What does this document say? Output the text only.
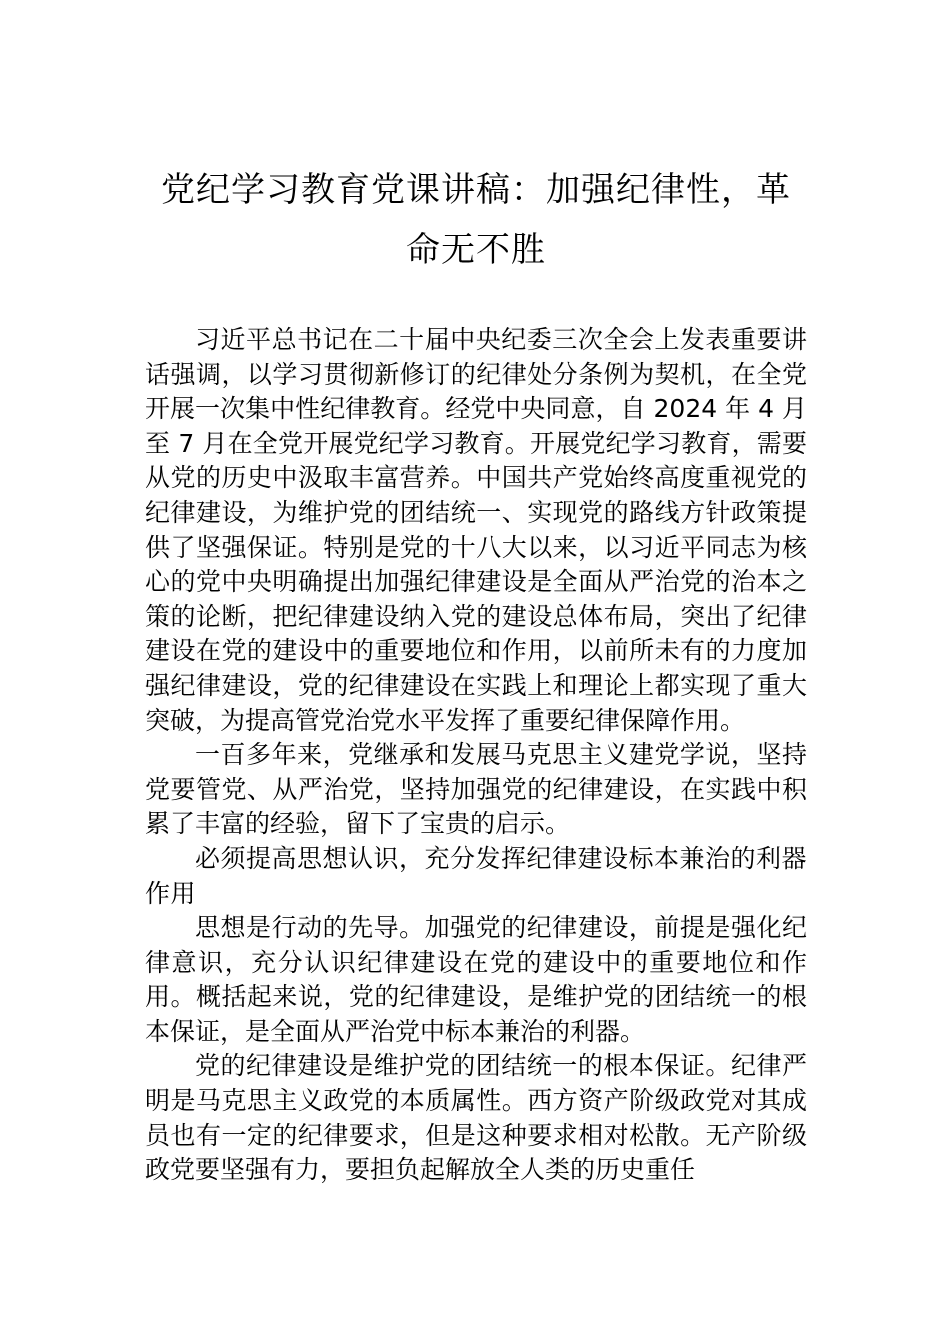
党纪学习教育党课讲稿：加强纪律性，革命无不胜

习近平总书记在二十届中央纪委三次全会上发表重要讲话强调，以学习贯彻新修订的纪律处分条例为契机，在全党开展一次集中性纪律教育。经党中央同意，自 2024 年 4 月至 7 月在全党开展党纪学习教育。开展党纪学习教育，需要从党的历史中汲取丰富营养。中国共产党始终高度重视党的纪律建设，为维护党的团结统一、实现党的路线方针政策提供了坚强保证。特别是党的十八大以来，以习近平同志为核心的党中央明确提出加强纪律建设是全面从严治党的治本之策的论断，把纪律建设纳入党的建设总体布局，突出了纪律建设在党的建设中的重要地位和作用，以前所未有的力度加强纪律建设，党的纪律建设在实践上和理论上都实现了重大突破，为提高管党治党水平发挥了重要纪律保障作用。

一百多年来，党继承和发展马克思主义建党学说，坚持党要管党、从严治党，坚持加强党的纪律建设，在实践中积累了丰富的经验，留下了宝贵的启示。

必须提高思想认识，充分发挥纪律建设标本兼治的利器作用

思想是行动的先导。加强党的纪律建设，前提是强化纪律意识，充分认识纪律建设在党的建设中的重要地位和作用。概括起来说，党的纪律建设，是维护党的团结统一的根本保证，是全面从严治党中标本兼治的利器。

党的纪律建设是维护党的团结统一的根本保证。纪律严明是马克思主义政党的本质属性。西方资产阶级政党对其成员也有一定的纪律要求，但是这种要求相对松散。无产阶级政党要坚强有力，要担负起解放全人类的历史重任
